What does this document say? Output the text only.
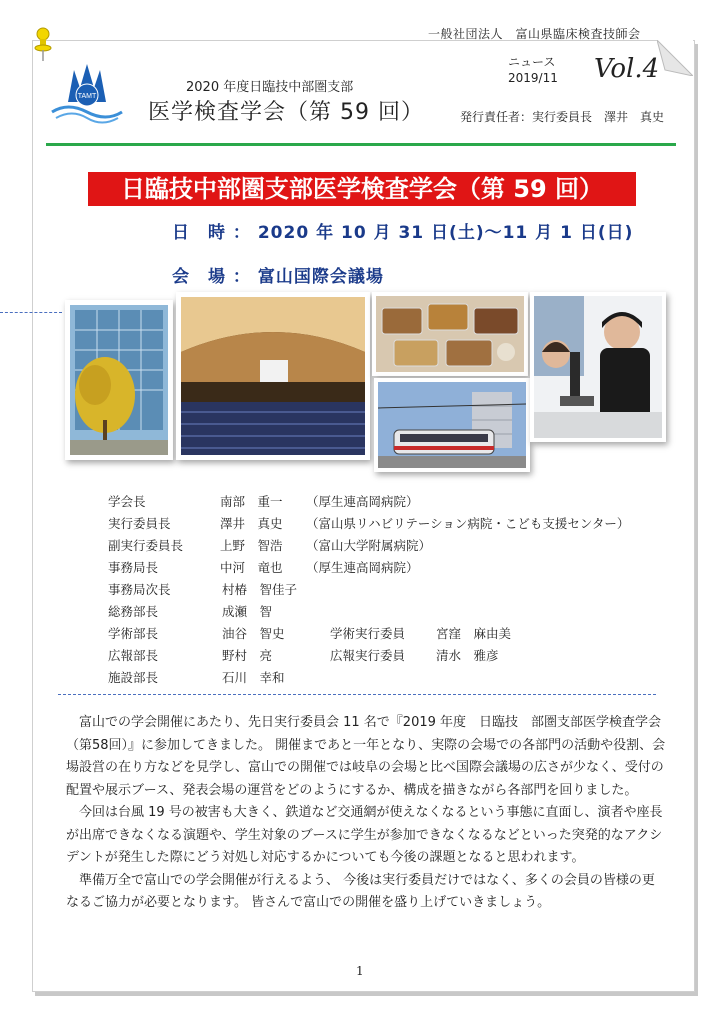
一般社団法人　富山県臨床検査技師会
TAMT
2020 年度日臨技中部圏支部
医学検査学会（第 59 回）
ニュース
2019/11 Vol.4
発行責任者：実行委員長　澤井　真史
日臨技中部圏支部医学検査学会（第 59 回）
日　時 ： 2020 年 10 月 31 日(土)～11 月 1 日(日)
会　場 ： 富山国際会議場
学会長	南部　重一 （厚生連高岡病院）
実行委員長	澤井　真史 （富山県リハビリテーション病院・こども支援センター）
副実行委員長	上野　智浩 （富山大学附属病院）
事務局長	中河　竜也 （厚生連高岡病院）
事務局次長	村椿　智佳子
総務部長	成瀬　智
学術部長	油谷　智史	学術実行委員 宮窪　麻由美
広報部長	野村　亮	広報実行委員 清水　雅彦
施設部長	石川　幸和

富山での学会開催にあたり、先日実行委員会 11 名で『2019 年度　日臨技　部圏支部医学検査学会（第58回）』に参加してきました。 開催まであと一年となり、実際の会場での各部門の活動や役割、会場設営の在り方などを見学し、富山での開催では岐阜の会場と比べ国際会議場の広さが少なく、受付の配置や展示ブース、発表会場の運営をどのようにするか、構成を描きながら各部門を回りました。

今回は台風 19 号の被害も大きく、鉄道など交通網が使えなくなるという事態に直面し、演者や座長が出席できなくなる演題や、学生対象のブースに学生が参加できなくなるなどといった突発的なアクシデントが発生した際にどう対処し対応するかについても今後の課題となると思われます。

準備万全で富山での学会開催が行えるよう、 今後は実行委員だけではなく、多くの会員の皆様の更なるご協力が必要となります。 皆さんで富山での開催を盛り上げていきましょう。

1
